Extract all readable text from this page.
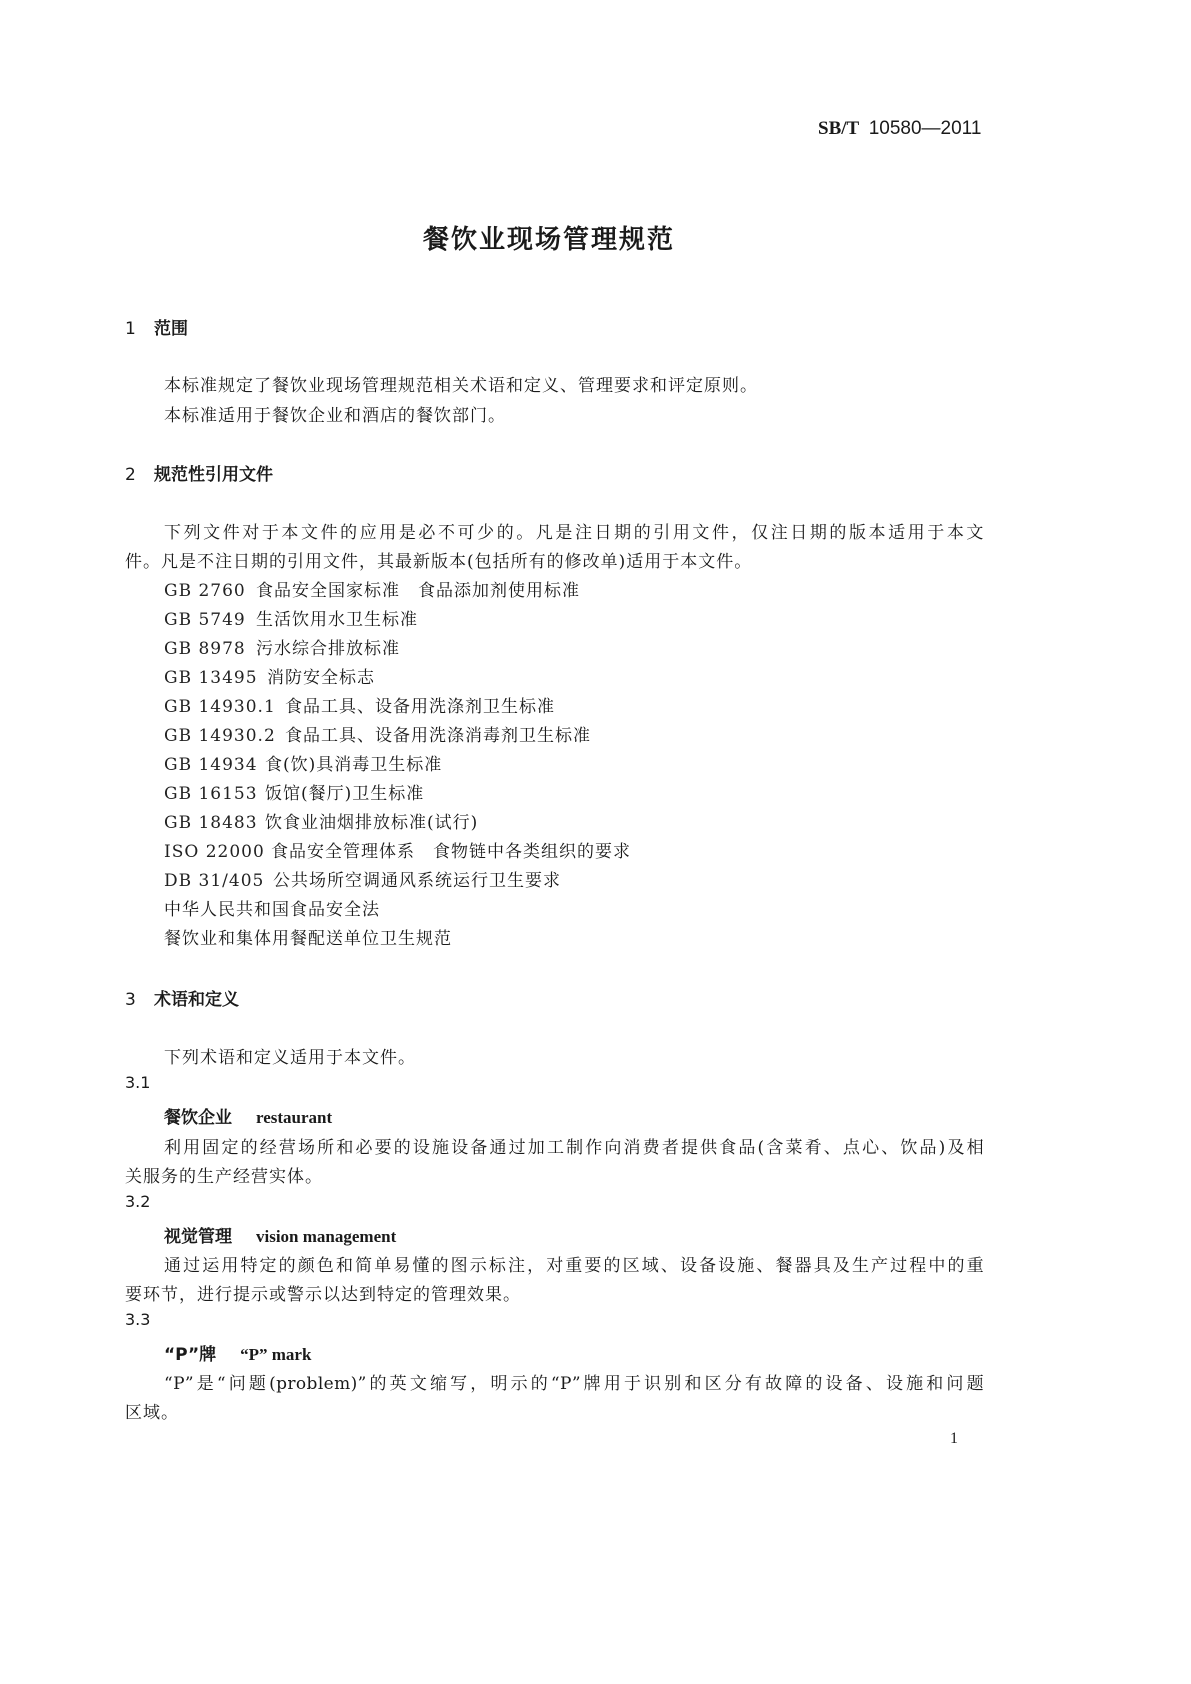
SB/T 10580—2011
餐饮业现场管理规范
1 范围
本标准规定了餐饮业现场管理规范相关术语和定义、管理要求和评定原则。
本标准适用于餐饮企业和酒店的餐饮部门。
2 规范性引用文件
下列文件对于本文件的应用是必不可少的。凡是注日期的引用文件，仅注日期的版本适用于本文
件。凡是不注日期的引用文件，其最新版本(包括所有的修改单)适用于本文件。
GB 2760 食品安全国家标准　食品添加剂使用标准
GB 5749 生活饮用水卫生标准
GB 8978 污水综合排放标准
GB 13495 消防安全标志
GB 14930.1 食品工具、设备用洗涤剂卫生标准
GB 14930.2 食品工具、设备用洗涤消毒剂卫生标准
GB 14934 食(饮)具消毒卫生标准
GB 16153 饭馆(餐厅)卫生标准
GB 18483 饮食业油烟排放标准(试行)
ISO 22000 食品安全管理体系　食物链中各类组织的要求
DB 31/405 公共场所空调通风系统运行卫生要求
中华人民共和国食品安全法
餐饮业和集体用餐配送单位卫生规范
3 术语和定义
下列术语和定义适用于本文件。
3.1
餐饮企业 restaurant
利用固定的经营场所和必要的设施设备通过加工制作向消费者提供食品(含菜肴、点心、饮品)及相
关服务的生产经营实体。
3.2
视觉管理 vision management
通过运用特定的颜色和简单易懂的图示标注，对重要的区域、设备设施、餐器具及生产过程中的重
要环节，进行提示或警示以达到特定的管理效果。
3.3
“P”牌 “P” mark
“P”是“问题(problem)”的英文缩写，明示的“P”牌用于识别和区分有故障的设备、设施和问题
区域。
1
